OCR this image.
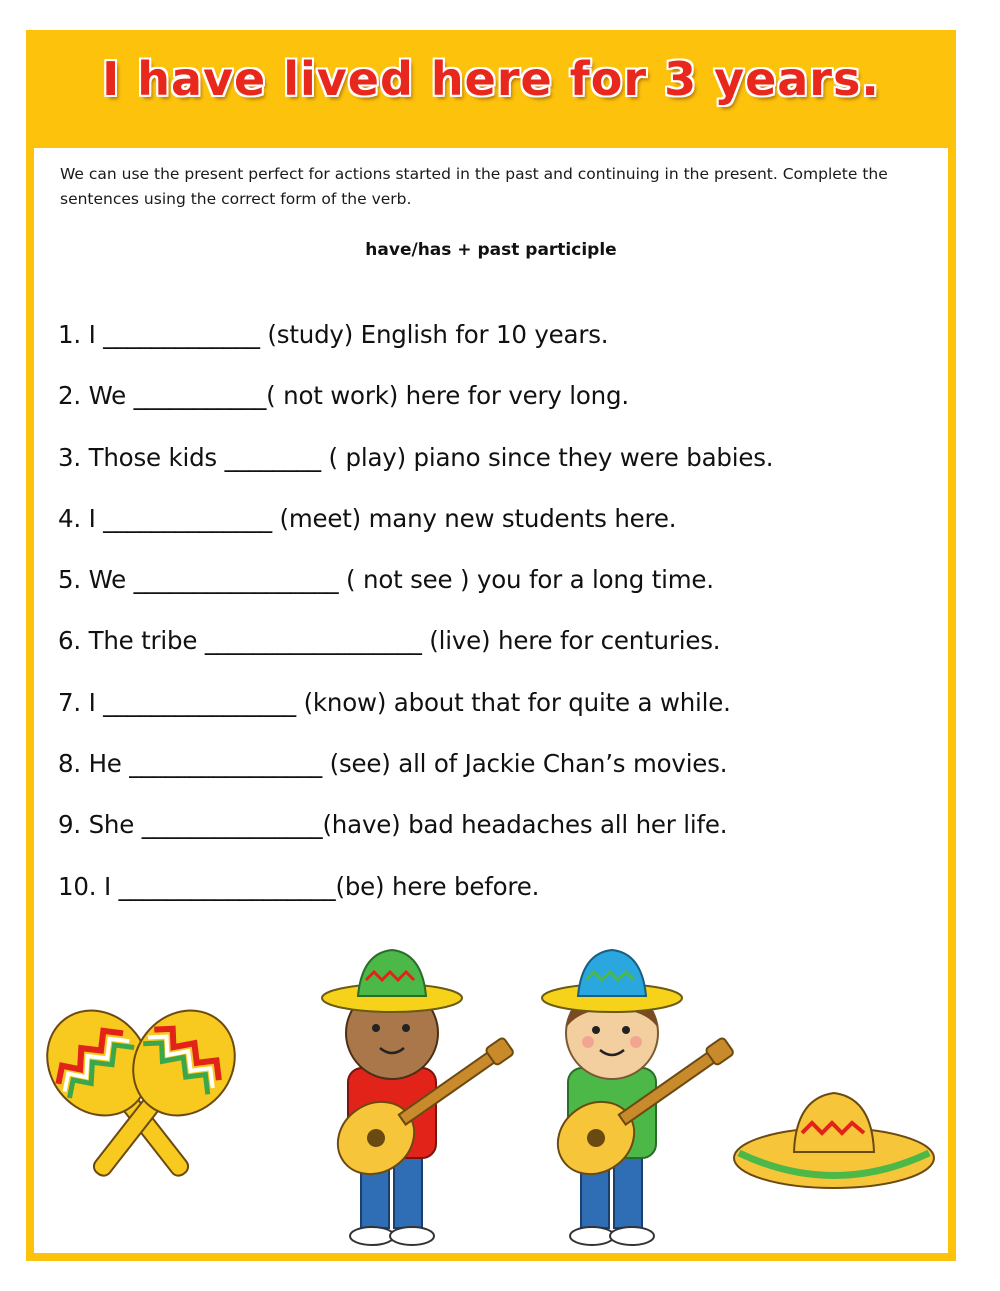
I have lived here for 3 years.

We can use the present perfect for actions started in the past and continuing in the present. Complete the sentences using the correct form of the verb.

have/has + past participle

1. I _____________ (study) English for 10 years.
2. We ___________( not work) here for very long.
3. Those kids ________ ( play) piano since they were babies.
4. I ______________ (meet) many new students here.
5. We _________________ ( not see ) you for a long time.
6. The tribe __________________ (live) here for centuries.
7. I ________________ (know) about that for quite a while.
8. He ________________ (see) all of Jackie Chan’s movies.
9. She _______________(have) bad headaches all her life.
10. I __________________(be) here before.
